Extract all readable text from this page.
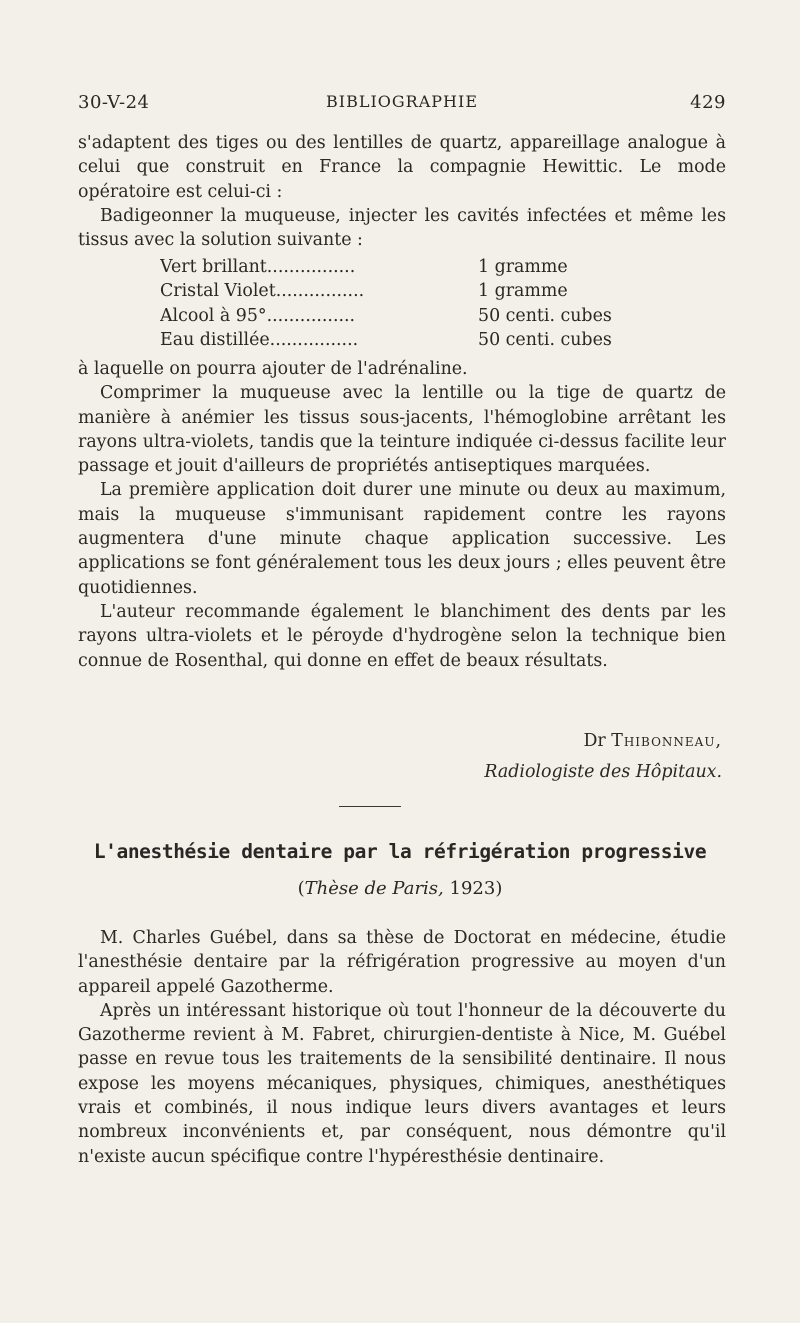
30-V-24	BIBLIOGRAPHIE	429

s'adaptent des tiges ou des lentilles de quartz, appareillage analogue à celui que construit en France la compagnie Hewittic. Le mode opératoire est celui-ci :

Badigeonner la muqueuse, injecter les cavités infectées et même les tissus avec la solution suivante :

Vert brillant................	1 gramme
Cristal Violet................	1 gramme
Alcool à 95°................	50 centi. cubes
Eau distillée................	50 centi. cubes

à laquelle on pourra ajouter de l'adrénaline.

Comprimer la muqueuse avec la lentille ou la tige de quartz de manière à anémier les tissus sous-jacents, l'hémoglobine arrêtant les rayons ultra-violets, tandis que la teinture indiquée ci-dessus facilite leur passage et jouit d'ailleurs de propriétés antiseptiques marquées.

La première application doit durer une minute ou deux au maximum, mais la muqueuse s'immunisant rapidement contre les rayons augmentera d'une minute chaque application successive. Les applications se font généralement tous les deux jours ; elles peuvent être quotidiennes.

L'auteur recommande également le blanchiment des dents par les rayons ultra-violets et le péroyde d'hydrogène selon la technique bien connue de Rosenthal, qui donne en effet de beaux résultats.

Dr Thibonneau,
Radiologiste des Hôpitaux.
L'anesthésie dentaire par la réfrigération progressive
(Thèse de Paris, 1923)

M. Charles Guébel, dans sa thèse de Doctorat en médecine, étudie l'anesthésie dentaire par la réfrigération progressive au moyen d'un appareil appelé Gazotherme.

Après un intéressant historique où tout l'honneur de la découverte du Gazotherme revient à M. Fabret, chirurgien-dentiste à Nice, M. Guébel passe en revue tous les traitements de la sensibilité dentinaire. Il nous expose les moyens mécaniques, physiques, chimiques, anesthétiques vrais et combinés, il nous indique leurs divers avantages et leurs nombreux inconvénients et, par conséquent, nous démontre qu'il n'existe aucun spécifique contre l'hypéresthésie dentinaire.
